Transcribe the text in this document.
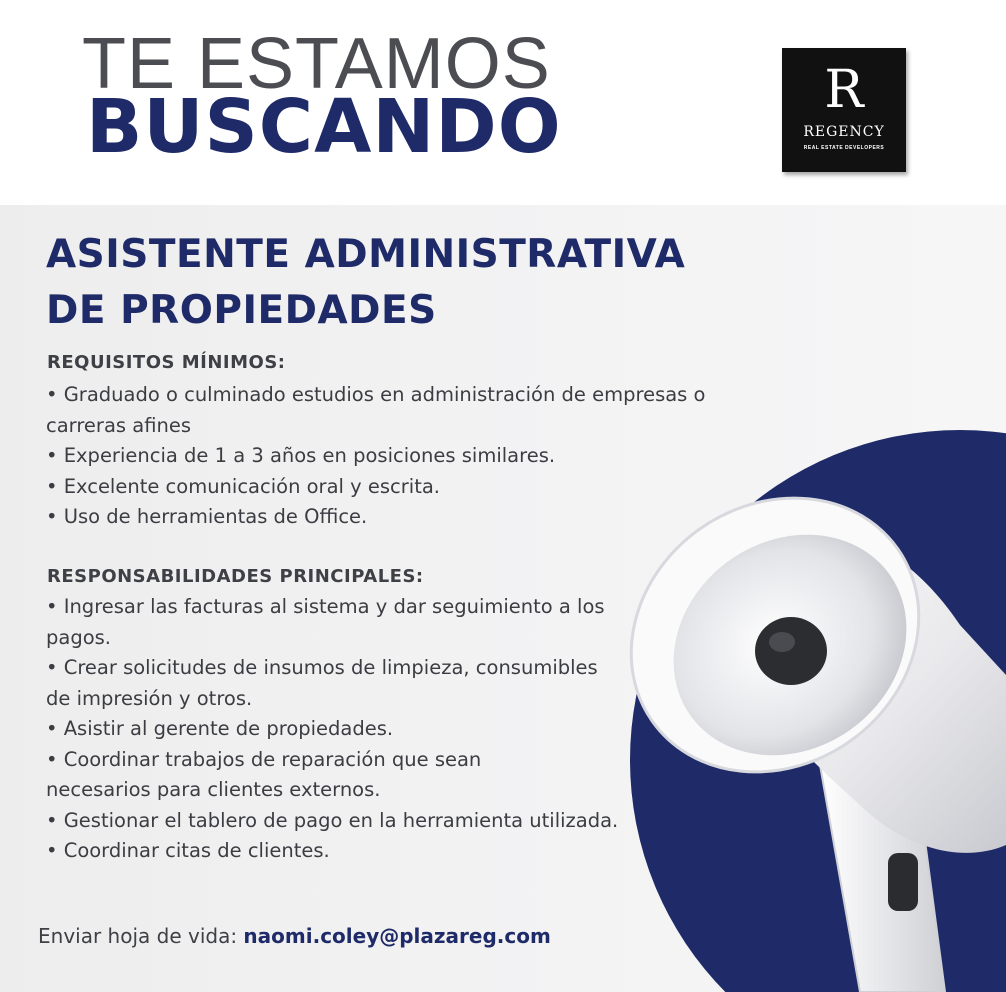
TE ESTAMOS
BUSCANDO	R
REGENCY
REAL ESTATE DEVELOPERS
ASISTENTE ADMINISTRATIVA
DE PROPIEDADES
REQUISITOS MÍNIMOS:
• Graduado o culminado estudios en administración de empresas o carreras afines
• Experiencia de 1 a 3 años en posiciones similares.
• Excelente comunicación oral y escrita.
• Uso de herramientas de Office.
RESPONSABILIDADES PRINCIPALES:
• Ingresar las facturas al sistema y dar seguimiento a los pagos.
• Crear solicitudes de insumos de limpieza, consumibles de impresión y otros.
• Asistir al gerente de propiedades.
• Coordinar trabajos de reparación que sean necesarios para clientes externos.
• Gestionar el tablero de pago en la herramienta utilizada.
• Coordinar citas de clientes.

Enviar hoja de vida: naomi.coley@plazareg.com
